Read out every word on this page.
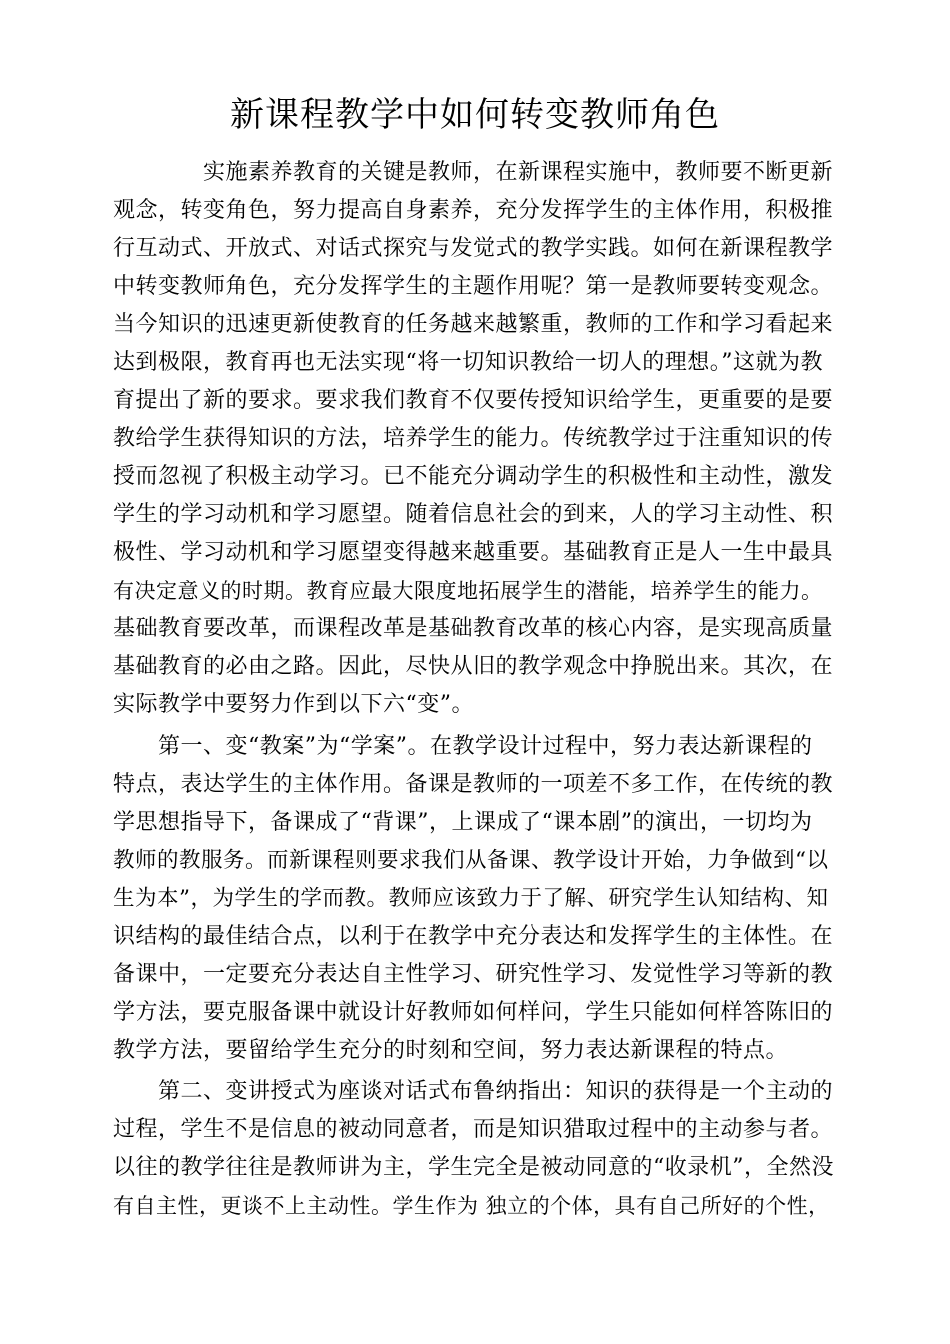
新课程教学中如何转变教师角色
实施素养教育的关键是教师，在新课程实施中，教师要不断更新
观念，转变角色，努力提高自身素养，充分发挥学生的主体作用，积极推
行互动式、开放式、对话式探究与发觉式的教学实践。如何在新课程教学
中转变教师角色，充分发挥学生的主题作用呢？第一是教师要转变观念。
当今知识的迅速更新使教育的任务越来越繁重，教师的工作和学习看起来
达到极限，教育再也无法实现“将一切知识教给一切人的理想。”这就为教
育提出了新的要求。要求我们教育不仅要传授知识给学生，更重要的是要
教给学生获得知识的方法，培养学生的能力。传统教学过于注重知识的传
授而忽视了积极主动学习。已不能充分调动学生的积极性和主动性，激发
学生的学习动机和学习愿望。随着信息社会的到来，人的学习主动性、积
极性、学习动机和学习愿望变得越来越重要。基础教育正是人一生中最具
有决定意义的时期。教育应最大限度地拓展学生的潜能，培养学生的能力。
基础教育要改革，而课程改革是基础教育改革的核心内容，是实现高质量
基础教育的必由之路。因此，尽快从旧的教学观念中挣脱出来。其次，在
实际教学中要努力作到以下六“变”。
第一、变“教案”为“学案”。在教学设计过程中，努力表达新课程的
特点，表达学生的主体作用。备课是教师的一项差不多工作，在传统的教
学思想指导下，备课成了“背课”，上课成了“课本剧”的演出，一切均为
教师的教服务。而新课程则要求我们从备课、教学设计开始，力争做到“以
生为本”，为学生的学而教。教师应该致力于了解、研究学生认知结构、知
识结构的最佳结合点，以利于在教学中充分表达和发挥学生的主体性。在
备课中，一定要充分表达自主性学习、研究性学习、发觉性学习等新的教
学方法，要克服备课中就设计好教师如何样问，学生只能如何样答陈旧的
教学方法，要留给学生充分的时刻和空间，努力表达新课程的特点。
第二、变讲授式为座谈对话式布鲁纳指出：知识的获得是一个主动的
过程，学生不是信息的被动同意者，而是知识猎取过程中的主动参与者。
以往的教学往往是教师讲为主，学生完全是被动同意的“收录机”，全然没
有自主性，更谈不上主动性。学生作为 独立的个体，具有自己所好的个性，
